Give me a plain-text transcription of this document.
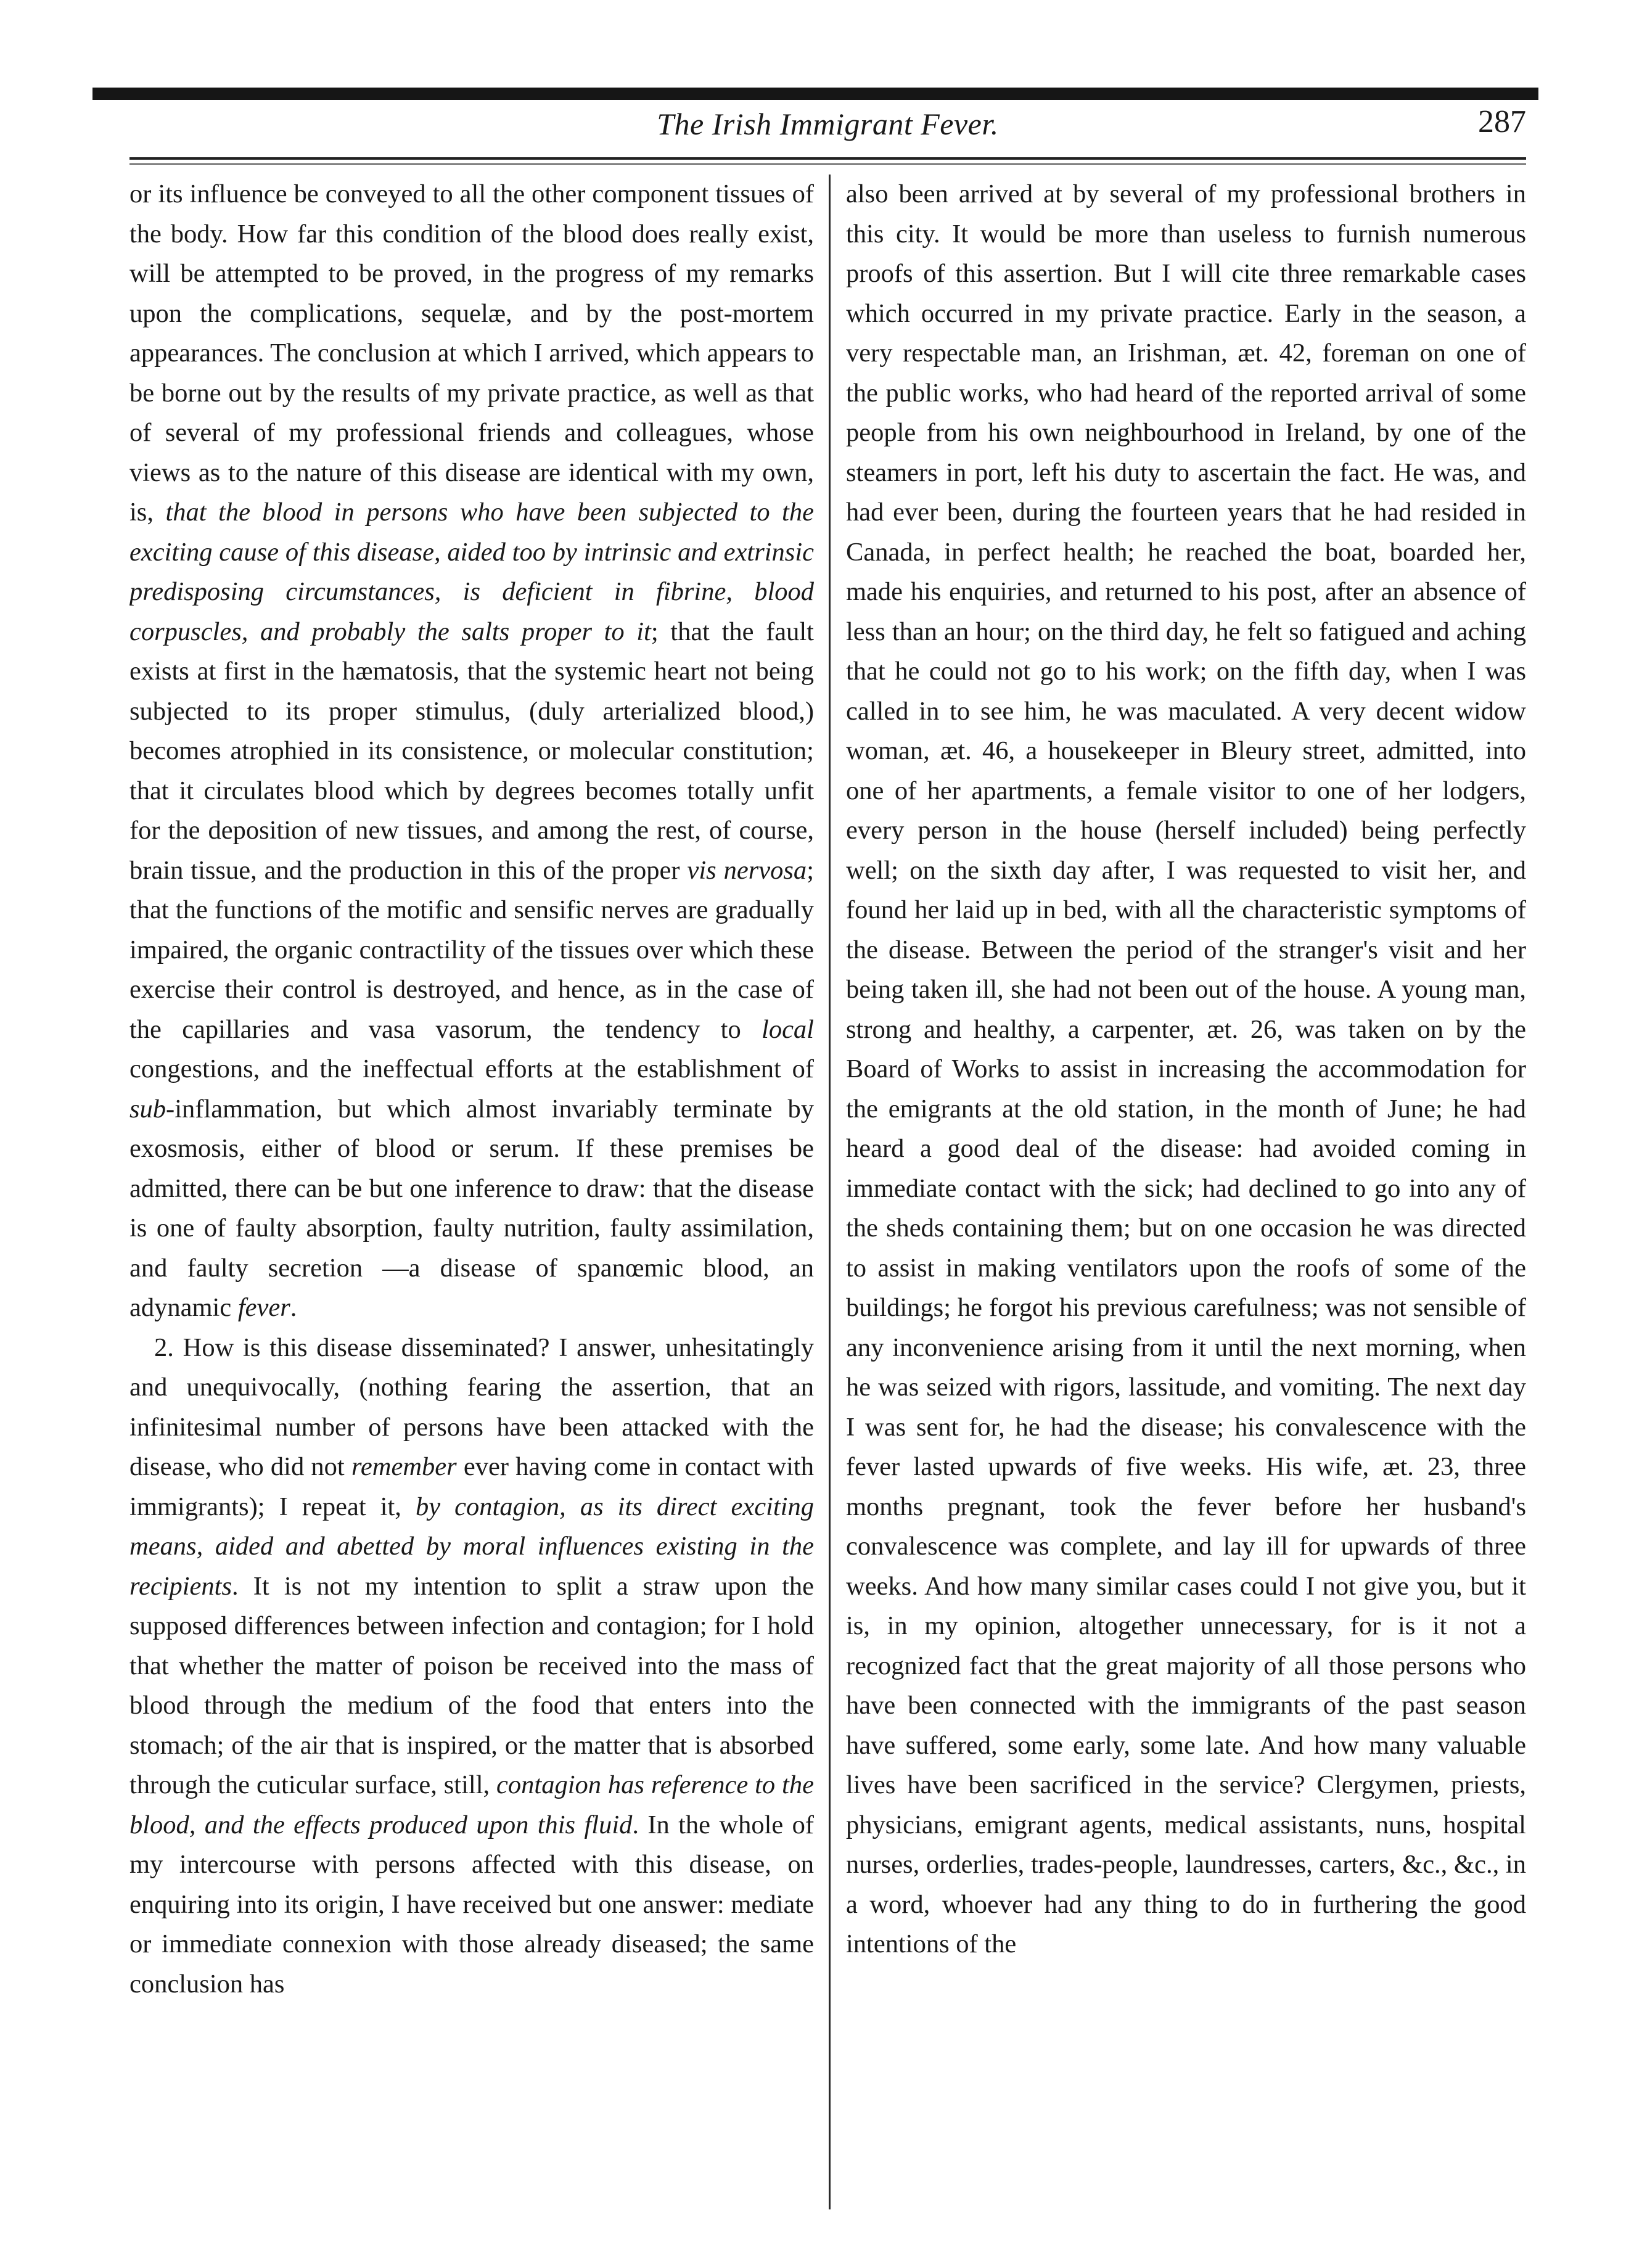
The Irish Immigrant Fever.	287

or its influence be conveyed to all the other component tissues of the body. How far this condition of the blood does really exist, will be attempted to be proved, in the progress of my remarks upon the complications, sequelæ, and by the post-mortem appearances. The conclusion at which I arrived, which appears to be borne out by the results of my private practice, as well as that of several of my professional friends and colleagues, whose views as to the nature of this disease are identical with my own, is, that the blood in persons who have been subjected to the exciting cause of this disease, aided too by intrinsic and extrinsic predisposing circumstances, is deficient in fibrine, blood corpuscles, and probably the salts proper to it; that the fault exists at first in the hæmatosis, that the systemic heart not being subjected to its proper stimulus, (duly arterialized blood,) becomes atrophied in its consistence, or molecular constitution; that it circulates blood which by degrees becomes totally unfit for the deposition of new tissues, and among the rest, of course, brain tissue, and the production in this of the proper vis nervosa; that the functions of the motific and sensific nerves are gradually impaired, the organic contractility of the tissues over which these exercise their control is destroyed, and hence, as in the case of the capillaries and vasa vasorum, the tendency to local congestions, and the ineffectual efforts at the establishment of sub-inflammation, but which almost invariably terminate by exosmosis, either of blood or serum. If these premises be admitted, there can be but one inference to draw: that the disease is one of faulty absorption, faulty nutrition, faulty assimilation, and faulty secretion —a disease of spanœmic blood, an adynamic fever.

2. How is this disease disseminated? I answer, unhesitatingly and unequivocally, (nothing fearing the assertion, that an infinitesimal number of persons have been attacked with the disease, who did not remember ever having come in contact with immigrants); I repeat it, by contagion, as its direct exciting means, aided and abetted by moral influences existing in the recipients. It is not my intention to split a straw upon the supposed differences between infection and contagion; for I hold that whether the matter of poison be received into the mass of blood through the medium of the food that enters into the stomach; of the air that is inspired, or the matter that is absorbed through the cuticular surface, still, contagion has reference to the blood, and the effects produced upon this fluid. In the whole of my intercourse with persons affected with this disease, on enquiring into its origin, I have received but one answer: mediate or immediate connexion with those already diseased; the same conclusion has

also been arrived at by several of my professional brothers in this city. It would be more than useless to furnish numerous proofs of this assertion. But I will cite three remarkable cases which occurred in my private practice. Early in the season, a very respectable man, an Irishman, æt. 42, foreman on one of the public works, who had heard of the reported arrival of some people from his own neighbourhood in Ireland, by one of the steamers in port, left his duty to ascertain the fact. He was, and had ever been, during the fourteen years that he had resided in Canada, in perfect health; he reached the boat, boarded her, made his enquiries, and returned to his post, after an absence of less than an hour; on the third day, he felt so fatigued and aching that he could not go to his work; on the fifth day, when I was called in to see him, he was maculated. A very decent widow woman, æt. 46, a housekeeper in Bleury street, admitted, into one of her apartments, a female visitor to one of her lodgers, every person in the house (herself included) being perfectly well; on the sixth day after, I was requested to visit her, and found her laid up in bed, with all the characteristic symptoms of the disease. Between the period of the stranger's visit and her being taken ill, she had not been out of the house. A young man, strong and healthy, a carpenter, æt. 26, was taken on by the Board of Works to assist in increasing the accommodation for the emigrants at the old station, in the month of June; he had heard a good deal of the disease: had avoided coming in immediate contact with the sick; had declined to go into any of the sheds containing them; but on one occasion he was directed to assist in making ventilators upon the roofs of some of the buildings; he forgot his previous carefulness; was not sensible of any inconvenience arising from it until the next morning, when he was seized with rigors, lassitude, and vomiting. The next day I was sent for, he had the disease; his convalescence with the fever lasted upwards of five weeks. His wife, æt. 23, three months pregnant, took the fever before her husband's convalescence was complete, and lay ill for upwards of three weeks. And how many similar cases could I not give you, but it is, in my opinion, altogether unnecessary, for is it not a recognized fact that the great majority of all those persons who have been connected with the immigrants of the past season have suffered, some early, some late. And how many valuable lives have been sacrificed in the service? Clergymen, priests, physicians, emigrant agents, medical assistants, nuns, hospital nurses, orderlies, trades-people, laundresses, carters, &c., &c., in a word, whoever had any thing to do in furthering the good intentions of the
